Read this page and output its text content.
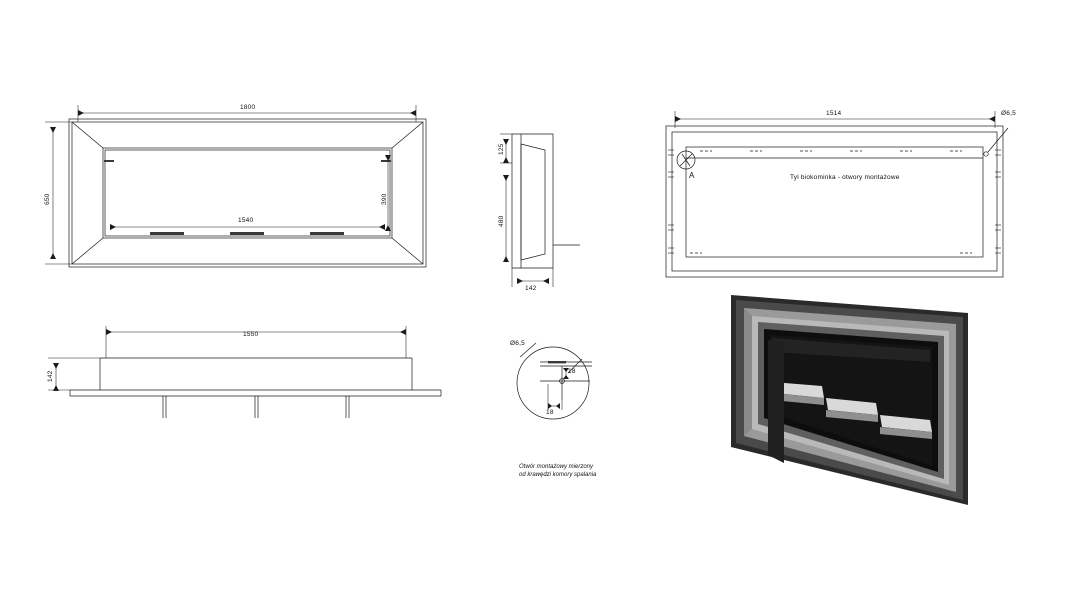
1800
650
1540
390
125
480
142
1514	Ø6,5
A	Tyl biokominka - otwory montażowe
1550
142
Ø6,5
18
18
Otwór montażowy mierzony
od krawędzi komory spalania
